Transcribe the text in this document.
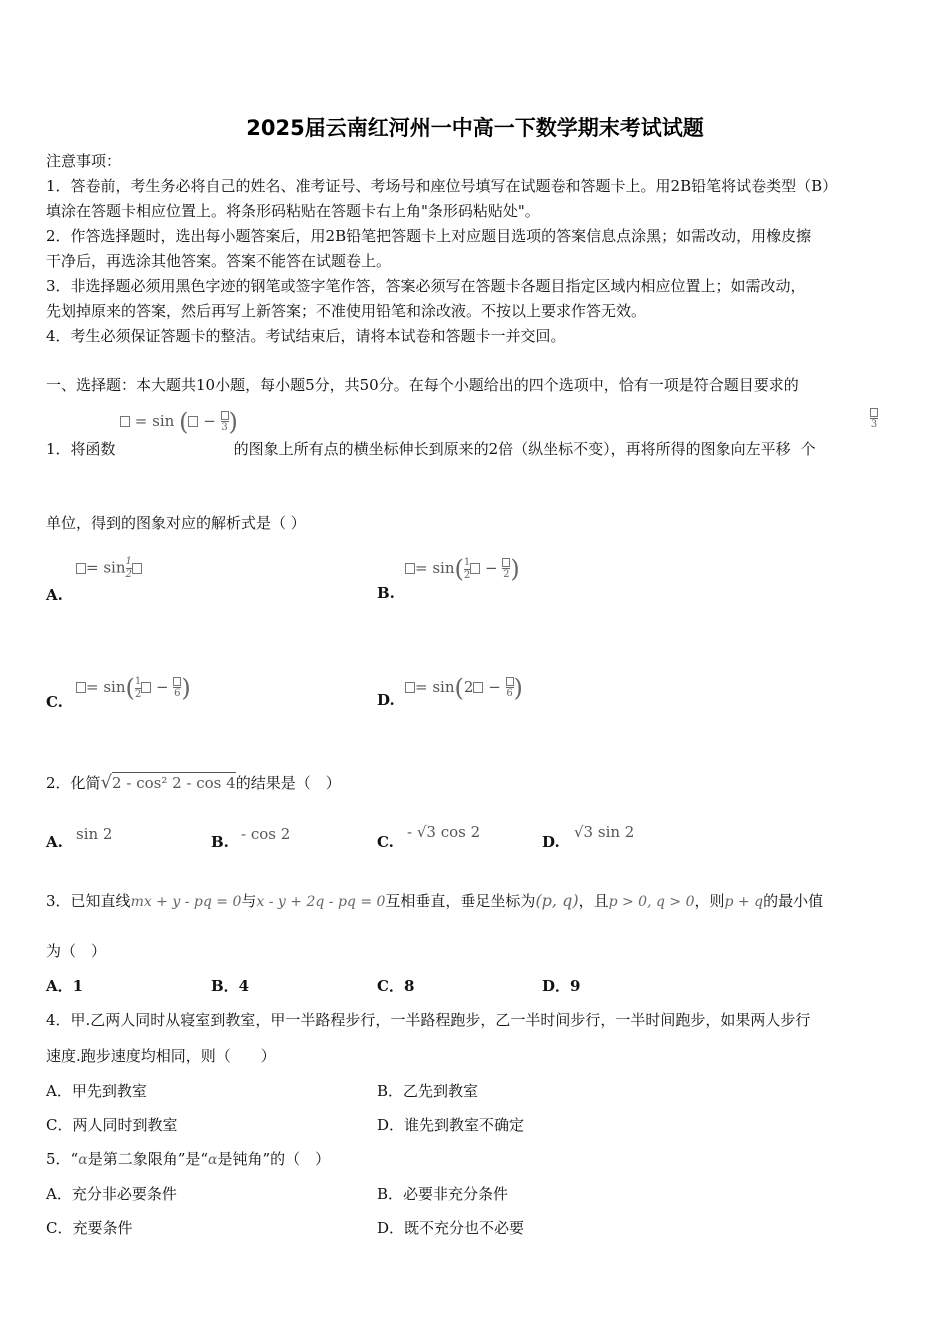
2025届云南红河州一中高一下数学期末考试试题
注意事项：
1．答卷前，考生务必将自己的姓名、准考证号、考场号和座位号填写在试题卷和答题卡上。用2B铅笔将试卷类型（B）
填涂在答题卡相应位置上。将条形码粘贴在答题卡右上角"条形码粘贴处"。
2．作答选择题时，选出每小题答案后，用2B铅笔把答题卡上对应题目选项的答案信息点涂黑；如需改动，用橡皮擦
干净后，再选涂其他答案。答案不能答在试题卷上。
3．非选择题必须用黑色字迹的钢笔或签字笔作答，答案必须写在答题卡各题目指定区域内相应位置上；如需改动，
先划掉原来的答案，然后再写上新答案；不准使用铅笔和涂改液。不按以上要求作答无效。
4．考生必须保证答题卡的整洁。考试结束后，请将本试卷和答题卡一并交回。
一、选择题：本大题共10小题，每小题5分，共50分。在每个小题给出的四个选项中，恰有一项是符合题目要求的
= sin ( − 3 )	3
1．将函数	的图象上所有点的横坐标伸长到原来的2倍（纵坐标不变），再将所得的图象向左平移 个
单位，得到的图象对应的解析式是（ ）
= $\sin \frac{1}{2}$
A.
= $\sin( \frac{1}{2} - 2$ )
B.
= $\sin( \frac{1}{2} - 6$ )
C.
= sin(2 − 6 )
D.
2．化简√2 - cos² 2 - cos 4的结果是（　）
A. sin 2	B. - cos 2	C.
- √3 cos 2
D.
√3 sin 2
3．已知直线mx + y - pq = 0与x - y + 2q - pq = 0互相垂直，垂足坐标为(p, q)，且p > 0, q > 0，则p + q的最小值
为（　）
A．1	B．4	C．8	D．9
4．甲.乙两人同时从寝室到教室，甲一半路程步行，一半路程跑步，乙一半时间步行，一半时间跑步，如果两人步行
速度.跑步速度均相同，则（　　）
A．甲先到教室	B．乙先到教室
C．两人同时到教室	D．谁先到教室不确定
5．“α是第二象限角”是“α是钝角”的（　）
A．充分非必要条件	B．必要非充分条件
C．充要条件	D．既不充分也不必要
